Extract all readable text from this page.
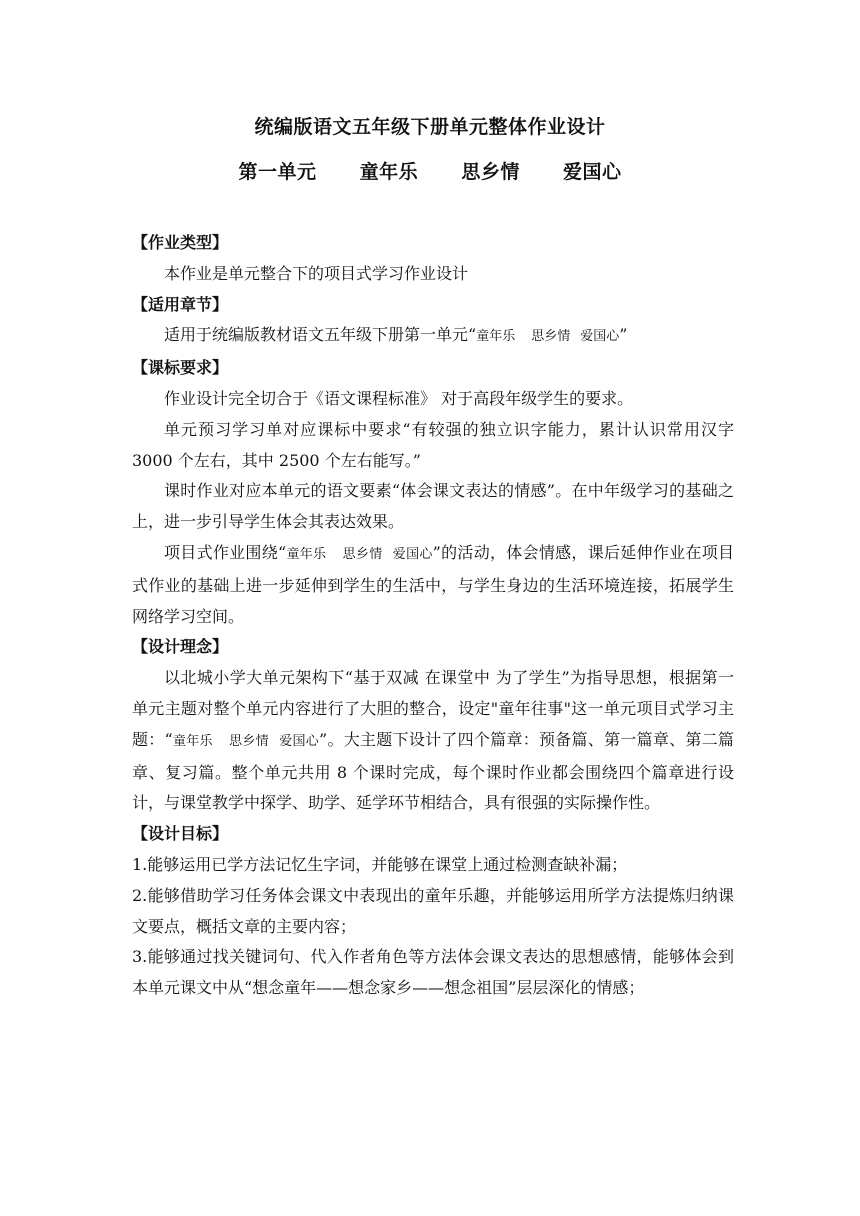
统编版语文五年级下册单元整体作业设计
第一单元 童年乐 思乡情 爱国心

【作业类型】

本作业是单元整合下的项目式学习作业设计

【适用章节】

适用于统编版教材语文五年级下册第一单元“童年乐 思乡情 爱国心”

【课标要求】

作业设计完全切合于《语文课程标准》 对于高段年级学生的要求。

单元预习学习单对应课标中要求“有较强的独立识字能力，累计认识常用汉字 3000 个左右，其中 2500 个左右能写。”

课时作业对应本单元的语文要素“体会课文表达的情感”。在中年级学习的基础之上，进一步引导学生体会其表达效果。

项目式作业围绕“童年乐 思乡情 爱国心”的活动，体会情感，课后延伸作业在项目式作业的基础上进一步延伸到学生的生活中，与学生身边的生活环境连接，拓展学生网络学习空间。

【设计理念】

以北城小学大单元架构下“基于双减 在课堂中 为了学生”为指导思想，根据第一单元主题对整个单元内容进行了大胆的整合，设定"童年往事"这一单元项目式学习主题：“童年乐 思乡情 爱国心”。大主题下设计了四个篇章：预备篇、第一篇章、第二篇章、复习篇。整个单元共用 8 个课时完成，每个课时作业都会围绕四个篇章进行设计，与课堂教学中探学、助学、延学环节相结合，具有很强的实际操作性。

【设计目标】

1.能够运用已学方法记忆生字词，并能够在课堂上通过检测查缺补漏；

2.能够借助学习任务体会课文中表现出的童年乐趣，并能够运用所学方法提炼归纳课文要点，概括文章的主要内容；

3.能够通过找关键词句、代入作者角色等方法体会课文表达的思想感情，能够体会到本单元课文中从“想念童年——想念家乡——想念祖国”层层深化的情感；
